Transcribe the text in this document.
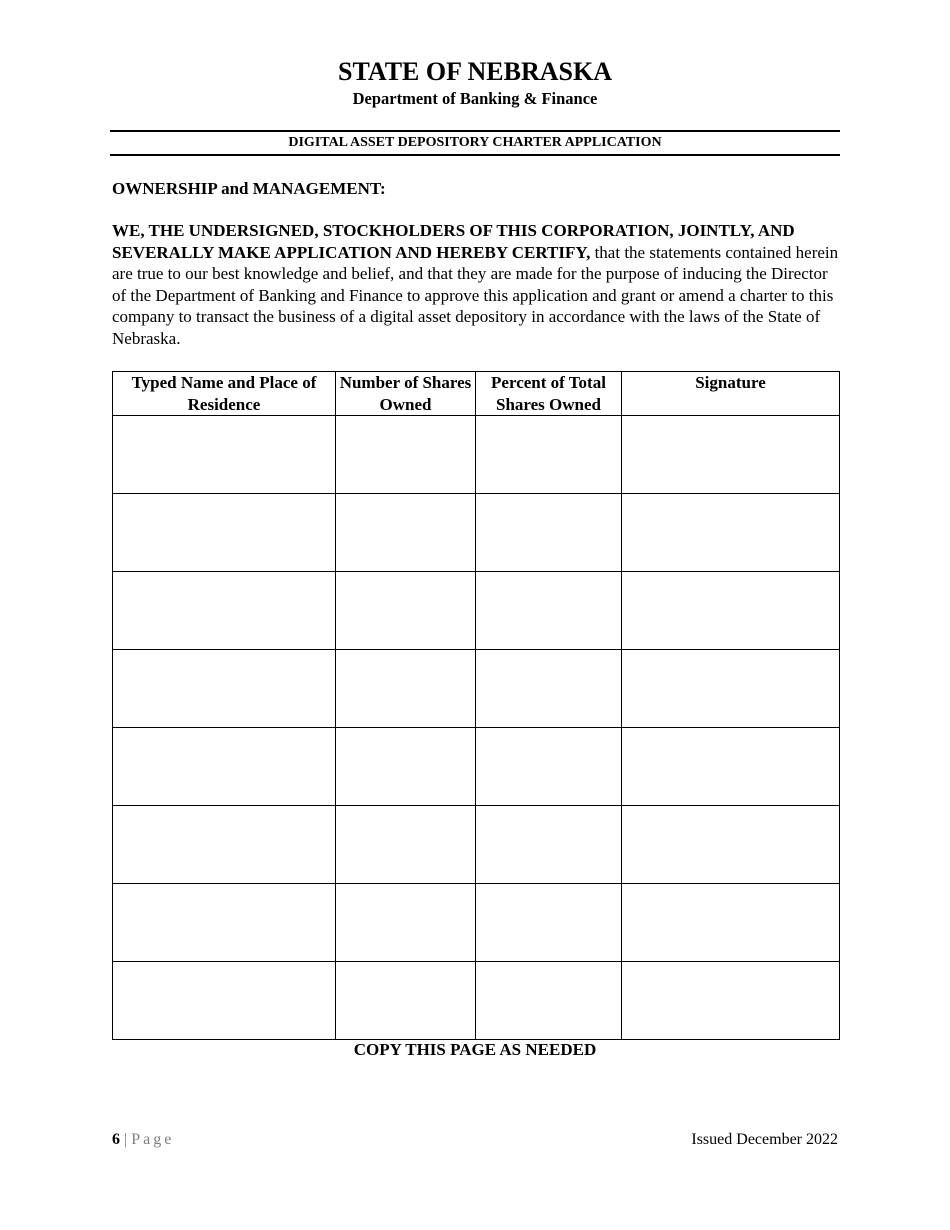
STATE OF NEBRASKA
Department of Banking & Finance
DIGITAL ASSET DEPOSITORY CHARTER APPLICATION
OWNERSHIP and MANAGEMENT:
WE, THE UNDERSIGNED, STOCKHOLDERS OF THIS CORPORATION, JOINTLY, AND SEVERALLY MAKE APPLICATION AND HEREBY CERTIFY, that the statements contained herein are true to our best knowledge and belief, and that they are made for the purpose of inducing the Director of the Department of Banking and Finance to approve this application and grant or amend a charter to this company to transact the business of a digital asset depository in accordance with the laws of the State of Nebraska.
Typed Name and Place of Residence	Number of Shares Owned	Percent of Total Shares Owned	Signature

COPY THIS PAGE AS NEEDED
6 | Page	Issued December 2022
